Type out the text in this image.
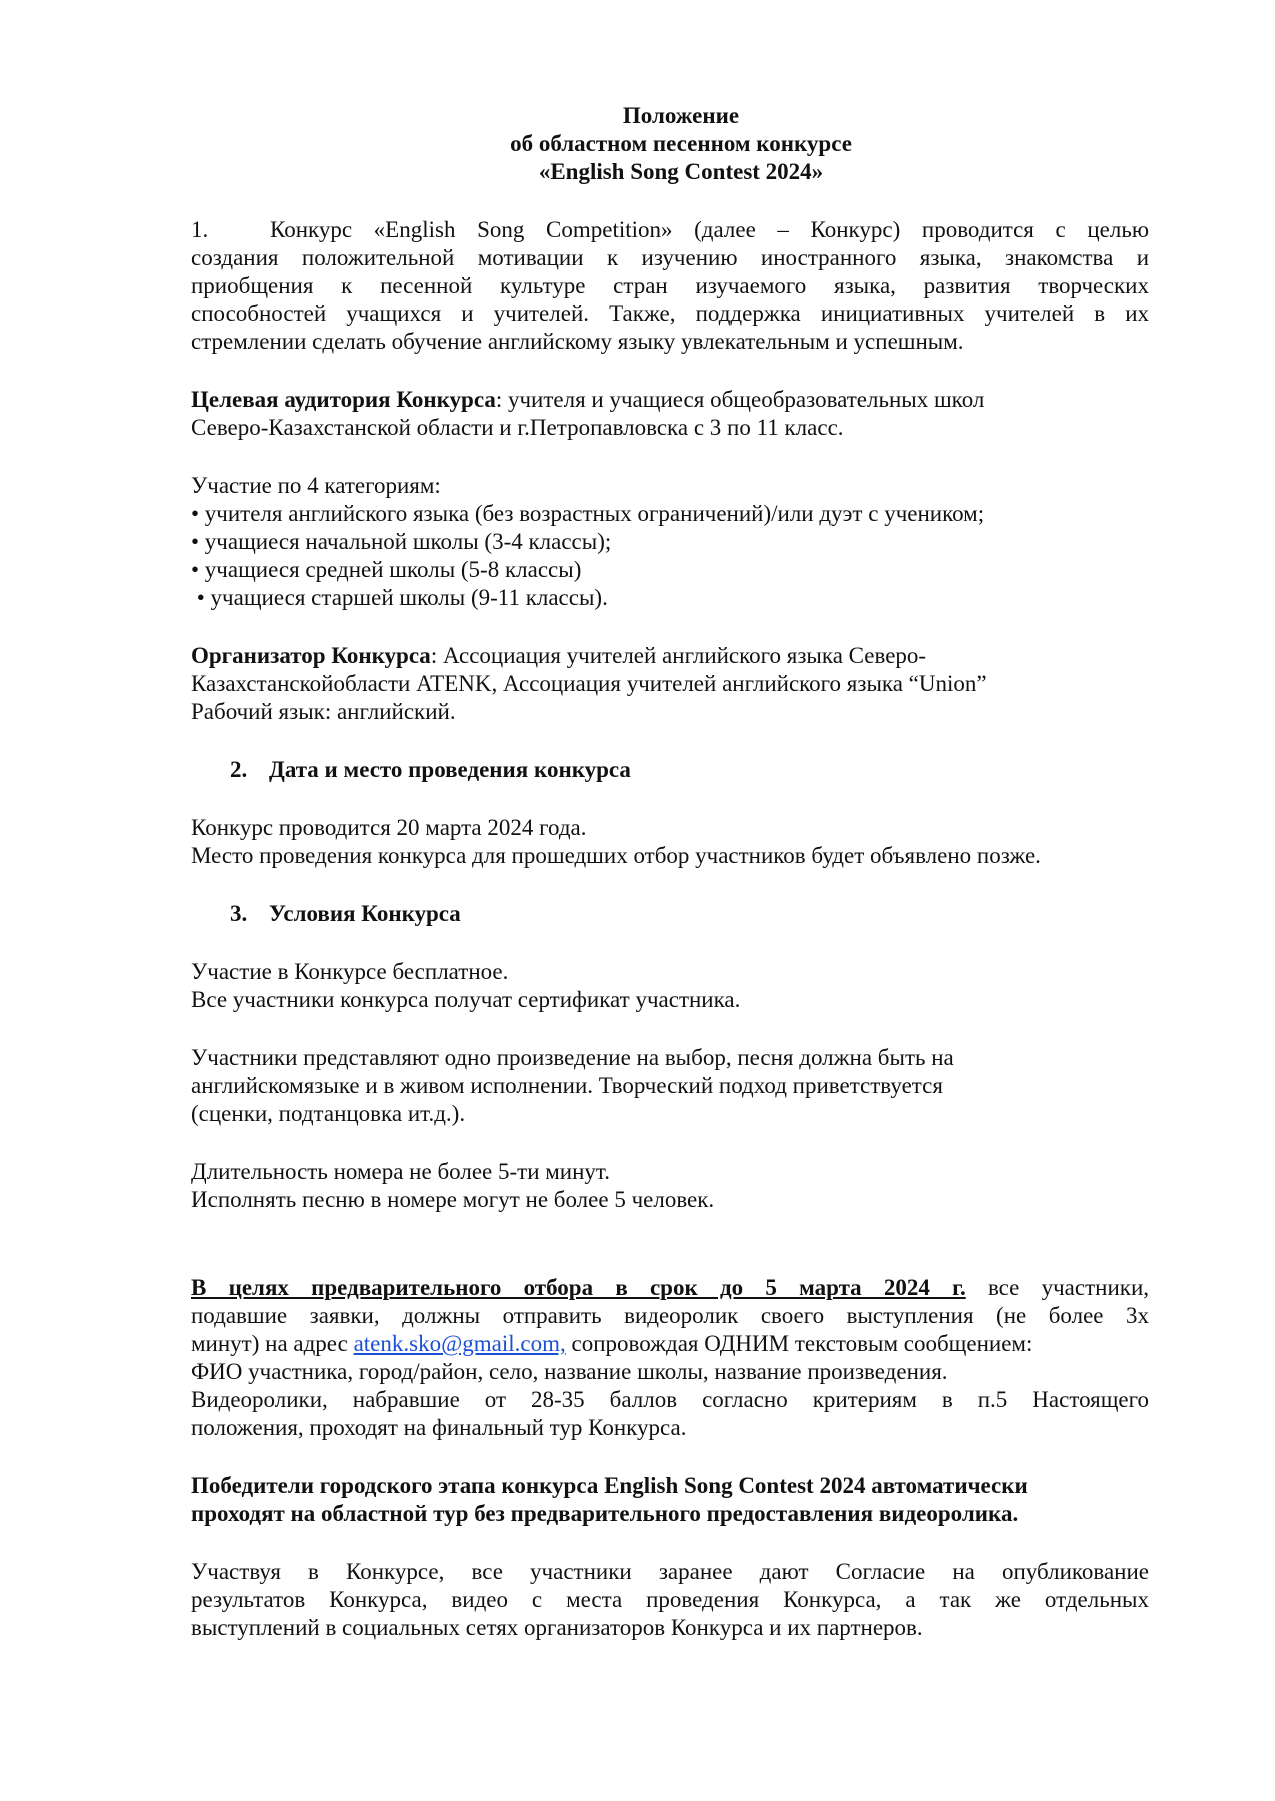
Положение
об областном песенном конкурсе
«English Song Contest 2024»

1.	Конкурс «English Song Competition» (далее – Конкурс) проводится с целью

создания положительной мотивации к изучению иностранного языка, знакомства и

приобщения к песенной культуре стран изучаемого языка, развития творческих

способностей учащихся и учителей. Также, поддержка инициативных учителей в их

стремлении сделать обучение английскому языку увлекательным и успешным.

Целевая аудитория Конкурса: учителя и учащиеся общеобразовательных школ

Северо-Казахстанской области и г.Петропавловска с 3 по 11 класс.

Участие по 4 категориям:

• учителя английского языка (без возрастных ограничений)/или дуэт с учеником;

• учащиеся начальной школы (3-4 классы);

• учащиеся средней школы (5-8 классы)

• учащиеся старшей школы (9-11 классы).

Организатор Конкурса: Ассоциация учителей английского языка Северо-

Казахстанскойобласти ATENK, Ассоциация учителей английского языка “Union”

Рабочий язык: английский.

2. Дата и место проведения конкурса

Конкурс проводится 20 марта 2024 года.

Место проведения конкурса для прошедших отбор участников будет объявлено позже.

3. Условия Конкурса

Участие в Конкурсе бесплатное.

Все участники конкурса получат сертификат участника.

Участники представляют одно произведение на выбор, песня должна быть на

английскомязыке и в живом исполнении. Творческий подход приветствуется

(сценки, подтанцовка ит.д.).

Длительность номера не более 5-ти минут.

Исполнять песню в номере могут не более 5 человек.

В целях предварительного отбора в срок до 5 марта 2024 г. все участники,

подавшие заявки, должны отправить видеоролик своего выступления (не более 3х

минут) на адрес atenk.sko@gmail.com, сопровождая ОДНИМ текстовым сообщением:

ФИО участника, город/район, село, название школы, название произведения.

Видеоролики, набравшие от 28-35 баллов согласно критериям в п.5 Настоящего

положения, проходят на финальный тур Конкурса.

Победители городского этапа конкурса English Song Contest 2024 автоматически

проходят на областной тур без предварительного предоставления видеоролика.

Участвуя в Конкурсе, все участники заранее дают Согласие на опубликование

результатов Конкурса, видео с места проведения Конкурса, а так же отдельных

выступлений в социальных сетях организаторов Конкурса и их партнеров.
